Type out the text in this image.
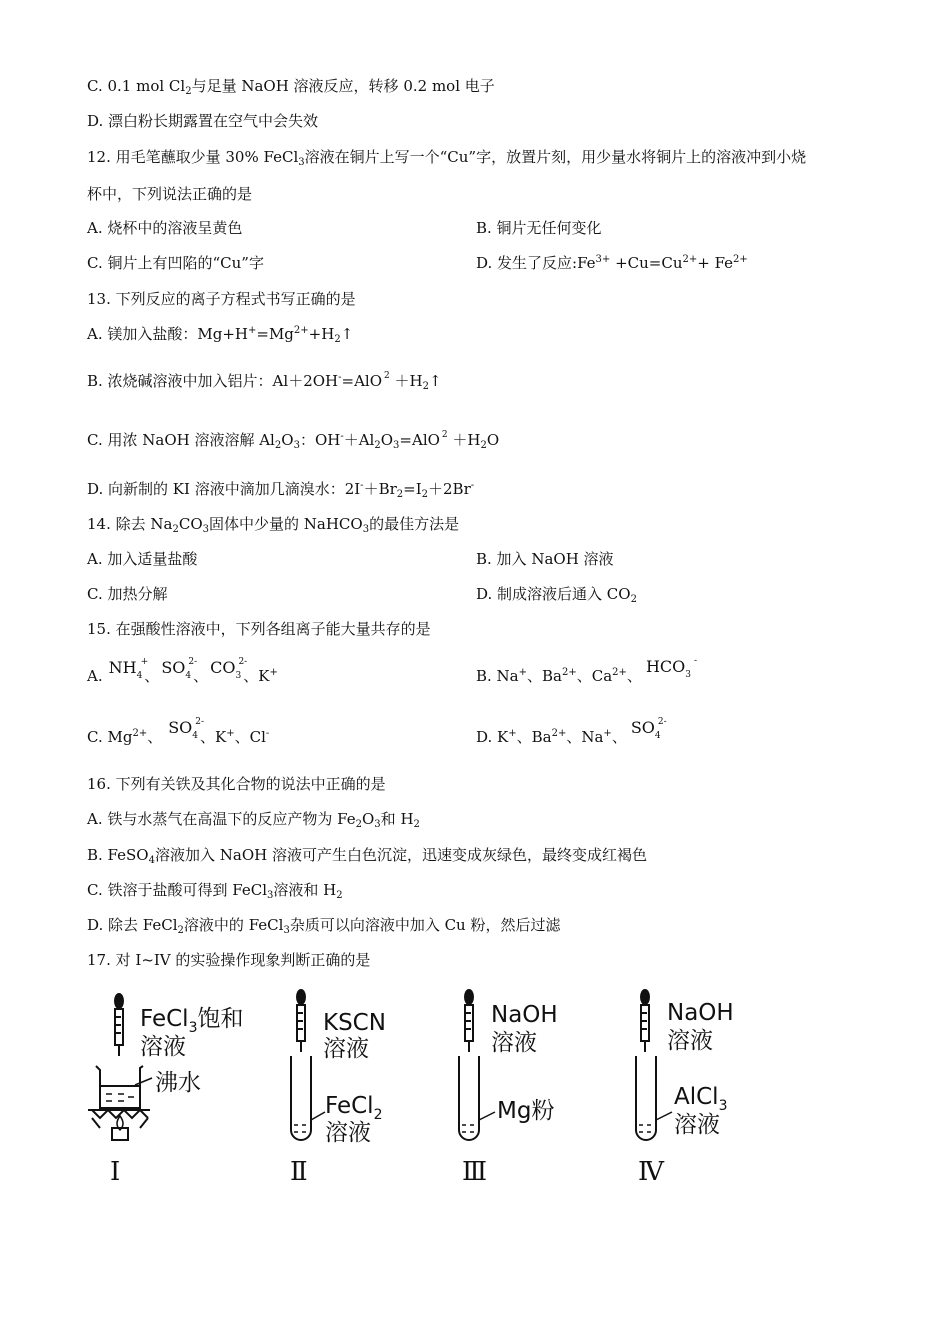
C. 0.1 mol $Cl_2$与足量 NaOH 溶液反应，转移 0.2 mol 电子
D. 漂白粉长期露置在空气中会失效
12. 用毛笔蘸取少量 30% FeCl$_3$溶液在铜片上写一个“Cu”字，放置片刻，用少量水将铜片上的溶液冲到小烧
杯中，下列说法正确的是
A. 烧杯中的溶液呈黄色	B. 铜片无任何变化
C. 铜片上有凹陷的“Cu”字	D. 发生了反应$:Fe^{3+} +Cu=Cu^{2+}+ Fe^{2+}$
13. 下列反应的离子方程式书写正确的是
A. 镁加入盐酸：$Mg+H^+=Mg^{2+}+H_2↑$
B. 浓烧碱溶液中加入铝片：Al＋2OH-=AlO $^2 +H_2↑$
C. 用浓 NaOH 溶液溶解 $Al_2O_3$：$OH^-+Al_2O_3=AlO$ $^2 +H_2O$
D. 向新制的 KI 溶液中滴加几滴溴水：$2I^-+Br_2=I_2+2Br^-$
14. 除去 $Na_2CO_3$固体中少量的 NaHCO$_3$的最佳方法是
A. 加入适量盐酸	B. 加入 NaOH 溶液
C. 加热分解	D. 制成溶液后通入 $CO_2$
15. 在强酸性溶液中，下列各组离子能大量共存的是
A. $NH_4$
+
、 $SO_4$
2-
、 $CO_3$
2-
、K+	B. Na+、$Ba^{2+}$、$Ca^{2+}$、 $HCO_3$
-
C. $Mg^{2+}$、 $SO_4$
2-
、K+、Cl-	D. K+、$Ba^{2+}$、Na+、 $SO_4$
2-
16. 下列有关铁及其化合物的说法中正确的是
A. 铁与水蒸气在高温下的反应产物为 $Fe_2O_3$和 $H_2$
B. FeSO$_4$溶液加入 NaOH 溶液可产生白色沉淀，迅速变成灰绿色，最终变成红褐色
C. 铁溶于盐酸可得到 FeCl$_3$溶液和 $H_2$
D. 除去 FeCl$_2$溶液中的 FeCl$_3$杂质可以向溶液中加入 Cu 粉，然后过滤
17. 对 I~IV 的实验操作现象判断正确的是
FeCl$_3$饱和
溶液
沸水
KSCN
溶液
FeCl$_2$
溶液
NaOH
溶液
Mg粉
NaOH
溶液
AlCl$_3$
溶液
Ⅰ	Ⅱ	Ⅲ	Ⅳ
